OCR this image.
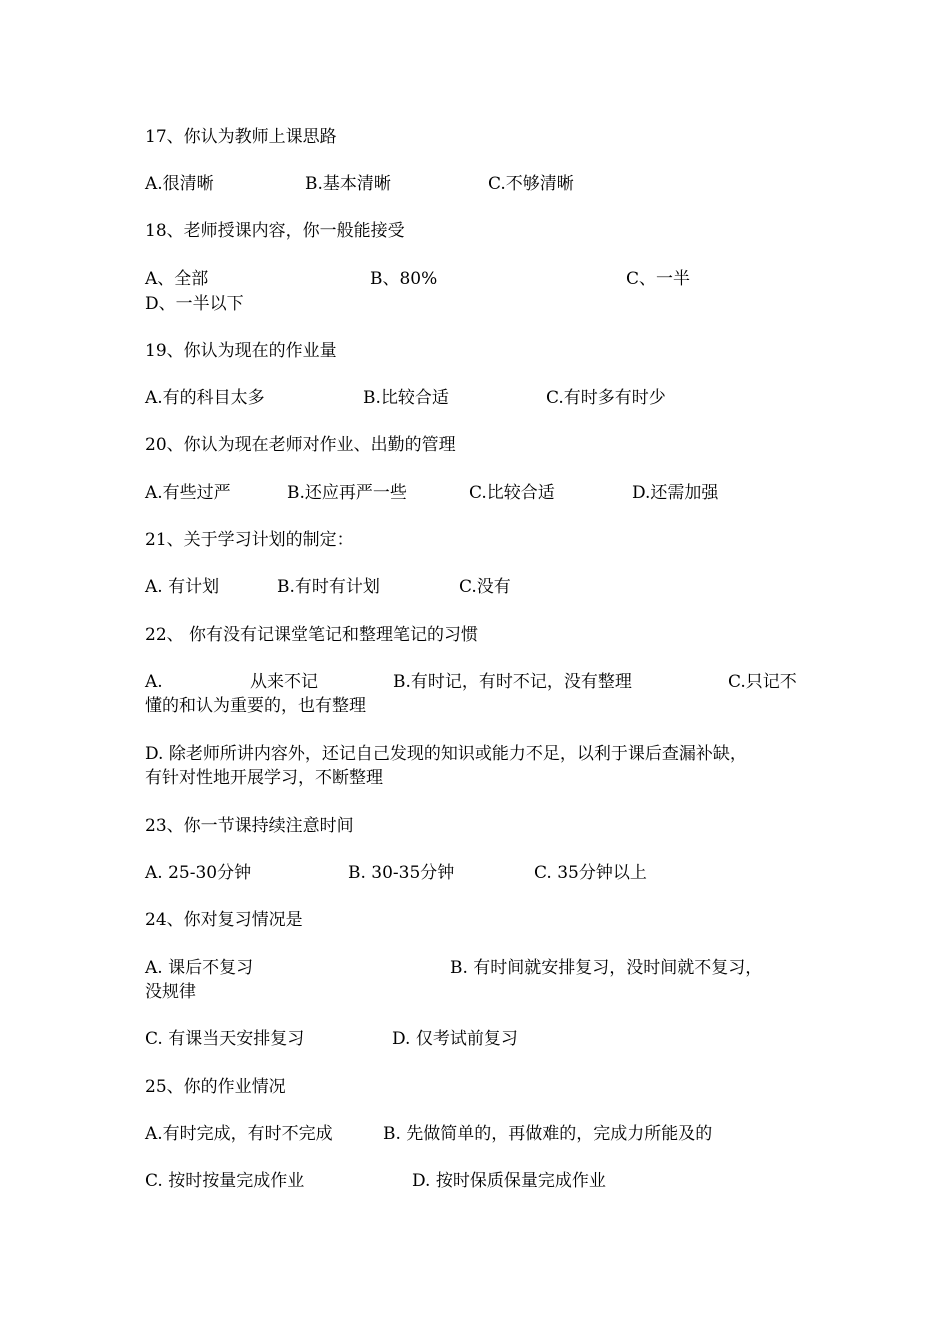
17、你认为教师上课思路
A.很清晰	B.基本清晰	C.不够清晰
18、老师授课内容，你一般能接受
A、全部	B、80%	C、一半
D、一半以下
19、你认为现在的作业量
A.有的科目太多	B.比较合适	C.有时多有时少
20、你认为现在老师对作业、出勤的管理
A.有些过严	B.还应再严一些	C.比较合适	D.还需加强
21、关于学习计划的制定：
A. 有计划	B.有时有计划	C.没有
22、 你有没有记课堂笔记和整理笔记的习惯
A.	从来不记	B.有时记，有时不记，没有整理	C.只记不
懂的和认为重要的，也有整理
D. 除老师所讲内容外，还记自己发现的知识或能力不足，以利于课后查漏补缺，
有针对性地开展学习，不断整理
23、你一节课持续注意时间
A. 25-30分钟	B. 30-35分钟	C. 35分钟以上
24、你对复习情况是
A. 课后不复习	B. 有时间就安排复习，没时间就不复习，
没规律
C. 有课当天安排复习	D. 仅考试前复习
25、你的作业情况
A.有时完成，有时不完成	B. 先做简单的，再做难的，完成力所能及的
C. 按时按量完成作业	D. 按时保质保量完成作业
